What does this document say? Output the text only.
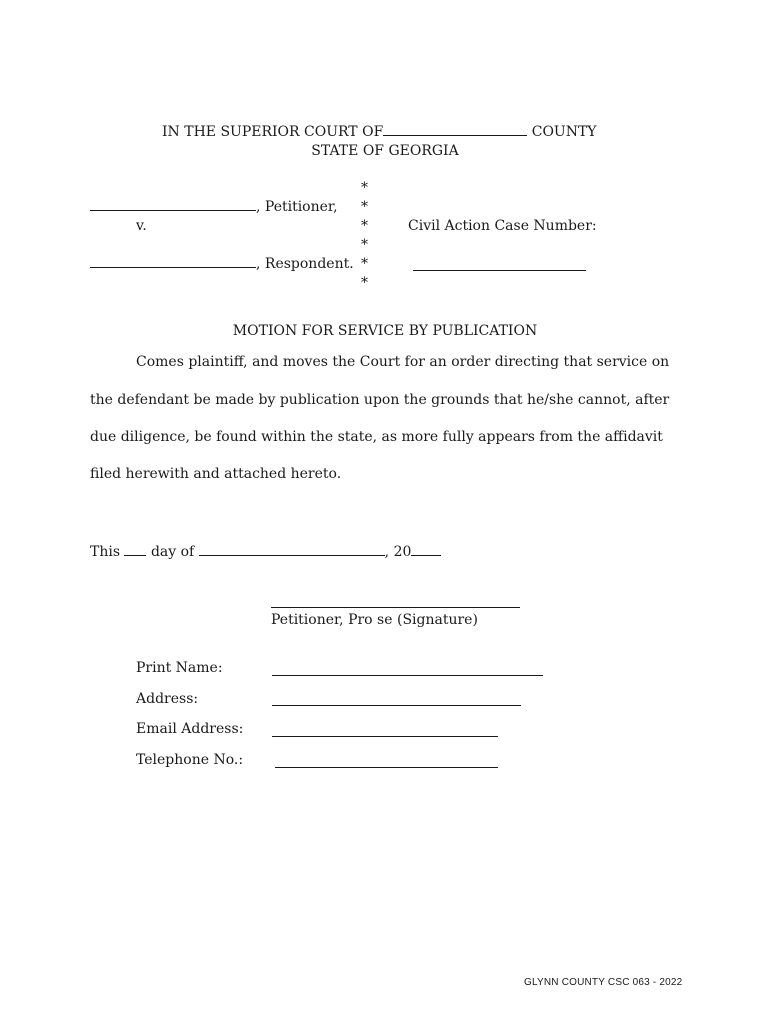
IN THE SUPERIOR COURT OF	COUNTY
STATE OF GEORGIA
, Petitioner,
v.
, Respondent.
*
*
*
*
*
*
Civil Action Case Number:
MOTION FOR SERVICE BY PUBLICATION
Comes plaintiff, and moves the Court for an order directing that service on
the defendant be made by publication upon the grounds that he/she cannot, after
due diligence, be found within the state, as more fully appears from the affidavit
filed herewith and attached hereto.
This day of	, 20
Petitioner, Pro se (Signature)
Print Name:
Address:
Email Address:
Telephone No.:
GLYNN COUNTY CSC 063 - 2022
